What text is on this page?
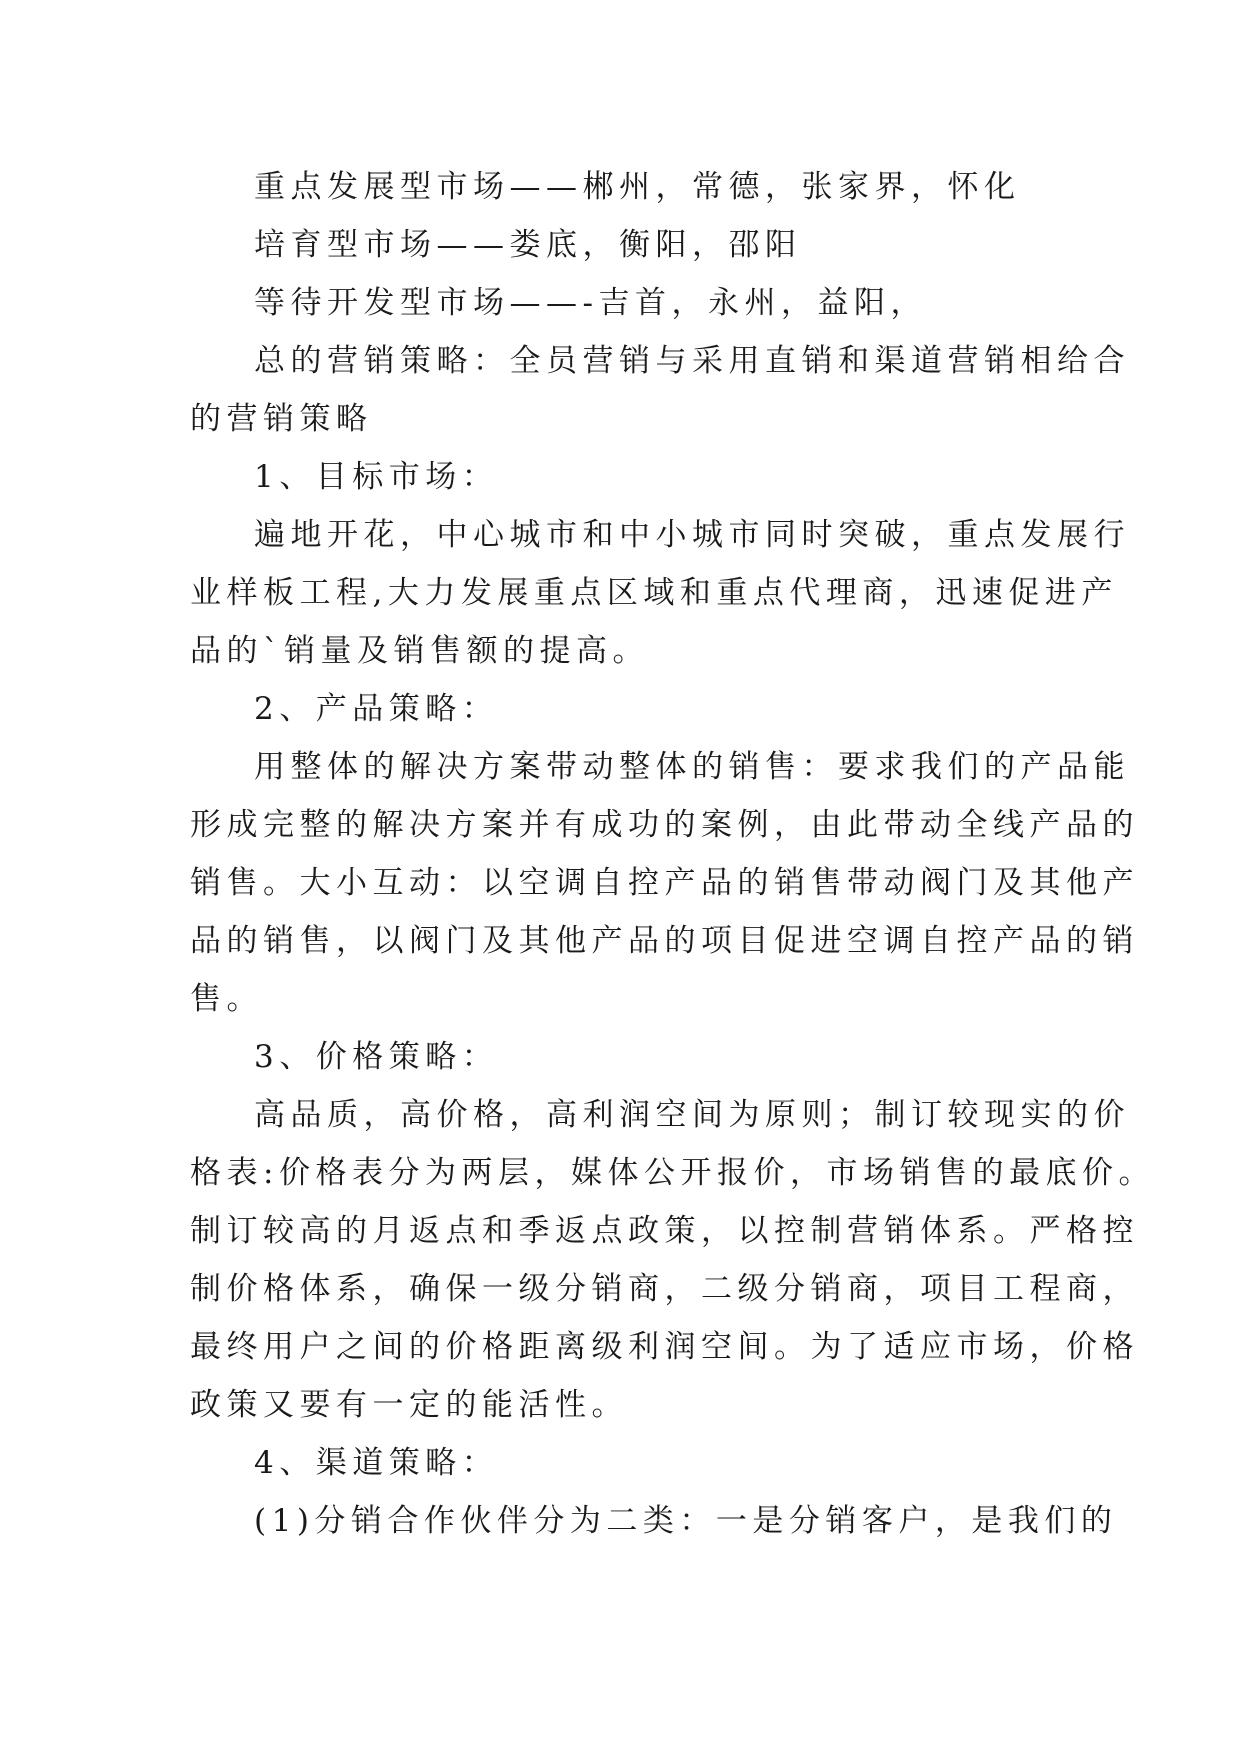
重点发展型市场——郴州，常德，张家界，怀化
培育型市场——娄底，衡阳，邵阳
等待开发型市场——-吉首，永州，益阳，
总的营销策略：全员营销与采用直销和渠道营销相给合
的营销策略
1、目标市场：
遍地开花，中心城市和中小城市同时突破，重点发展行
业样板工程,大力发展重点区域和重点代理商，迅速促进产
品的`销量及销售额的提高。
2、产品策略：
用整体的解决方案带动整体的销售：要求我们的产品能
形成完整的解决方案并有成功的案例，由此带动全线产品的
销售。大小互动：以空调自控产品的销售带动阀门及其他产
品的销售，以阀门及其他产品的项目促进空调自控产品的销
售。
3、价格策略：
高品质，高价格，高利润空间为原则；制订较现实的价
格表:价格表分为两层，媒体公开报价，市场销售的最底价。
制订较高的月返点和季返点政策，以控制营销体系。严格控
制价格体系，确保一级分销商，二级分销商，项目工程商，
最终用户之间的价格距离级利润空间。为了适应市场，价格
政策又要有一定的能活性。
4、渠道策略：
(1)分销合作伙伴分为二类：一是分销客户，是我们的
